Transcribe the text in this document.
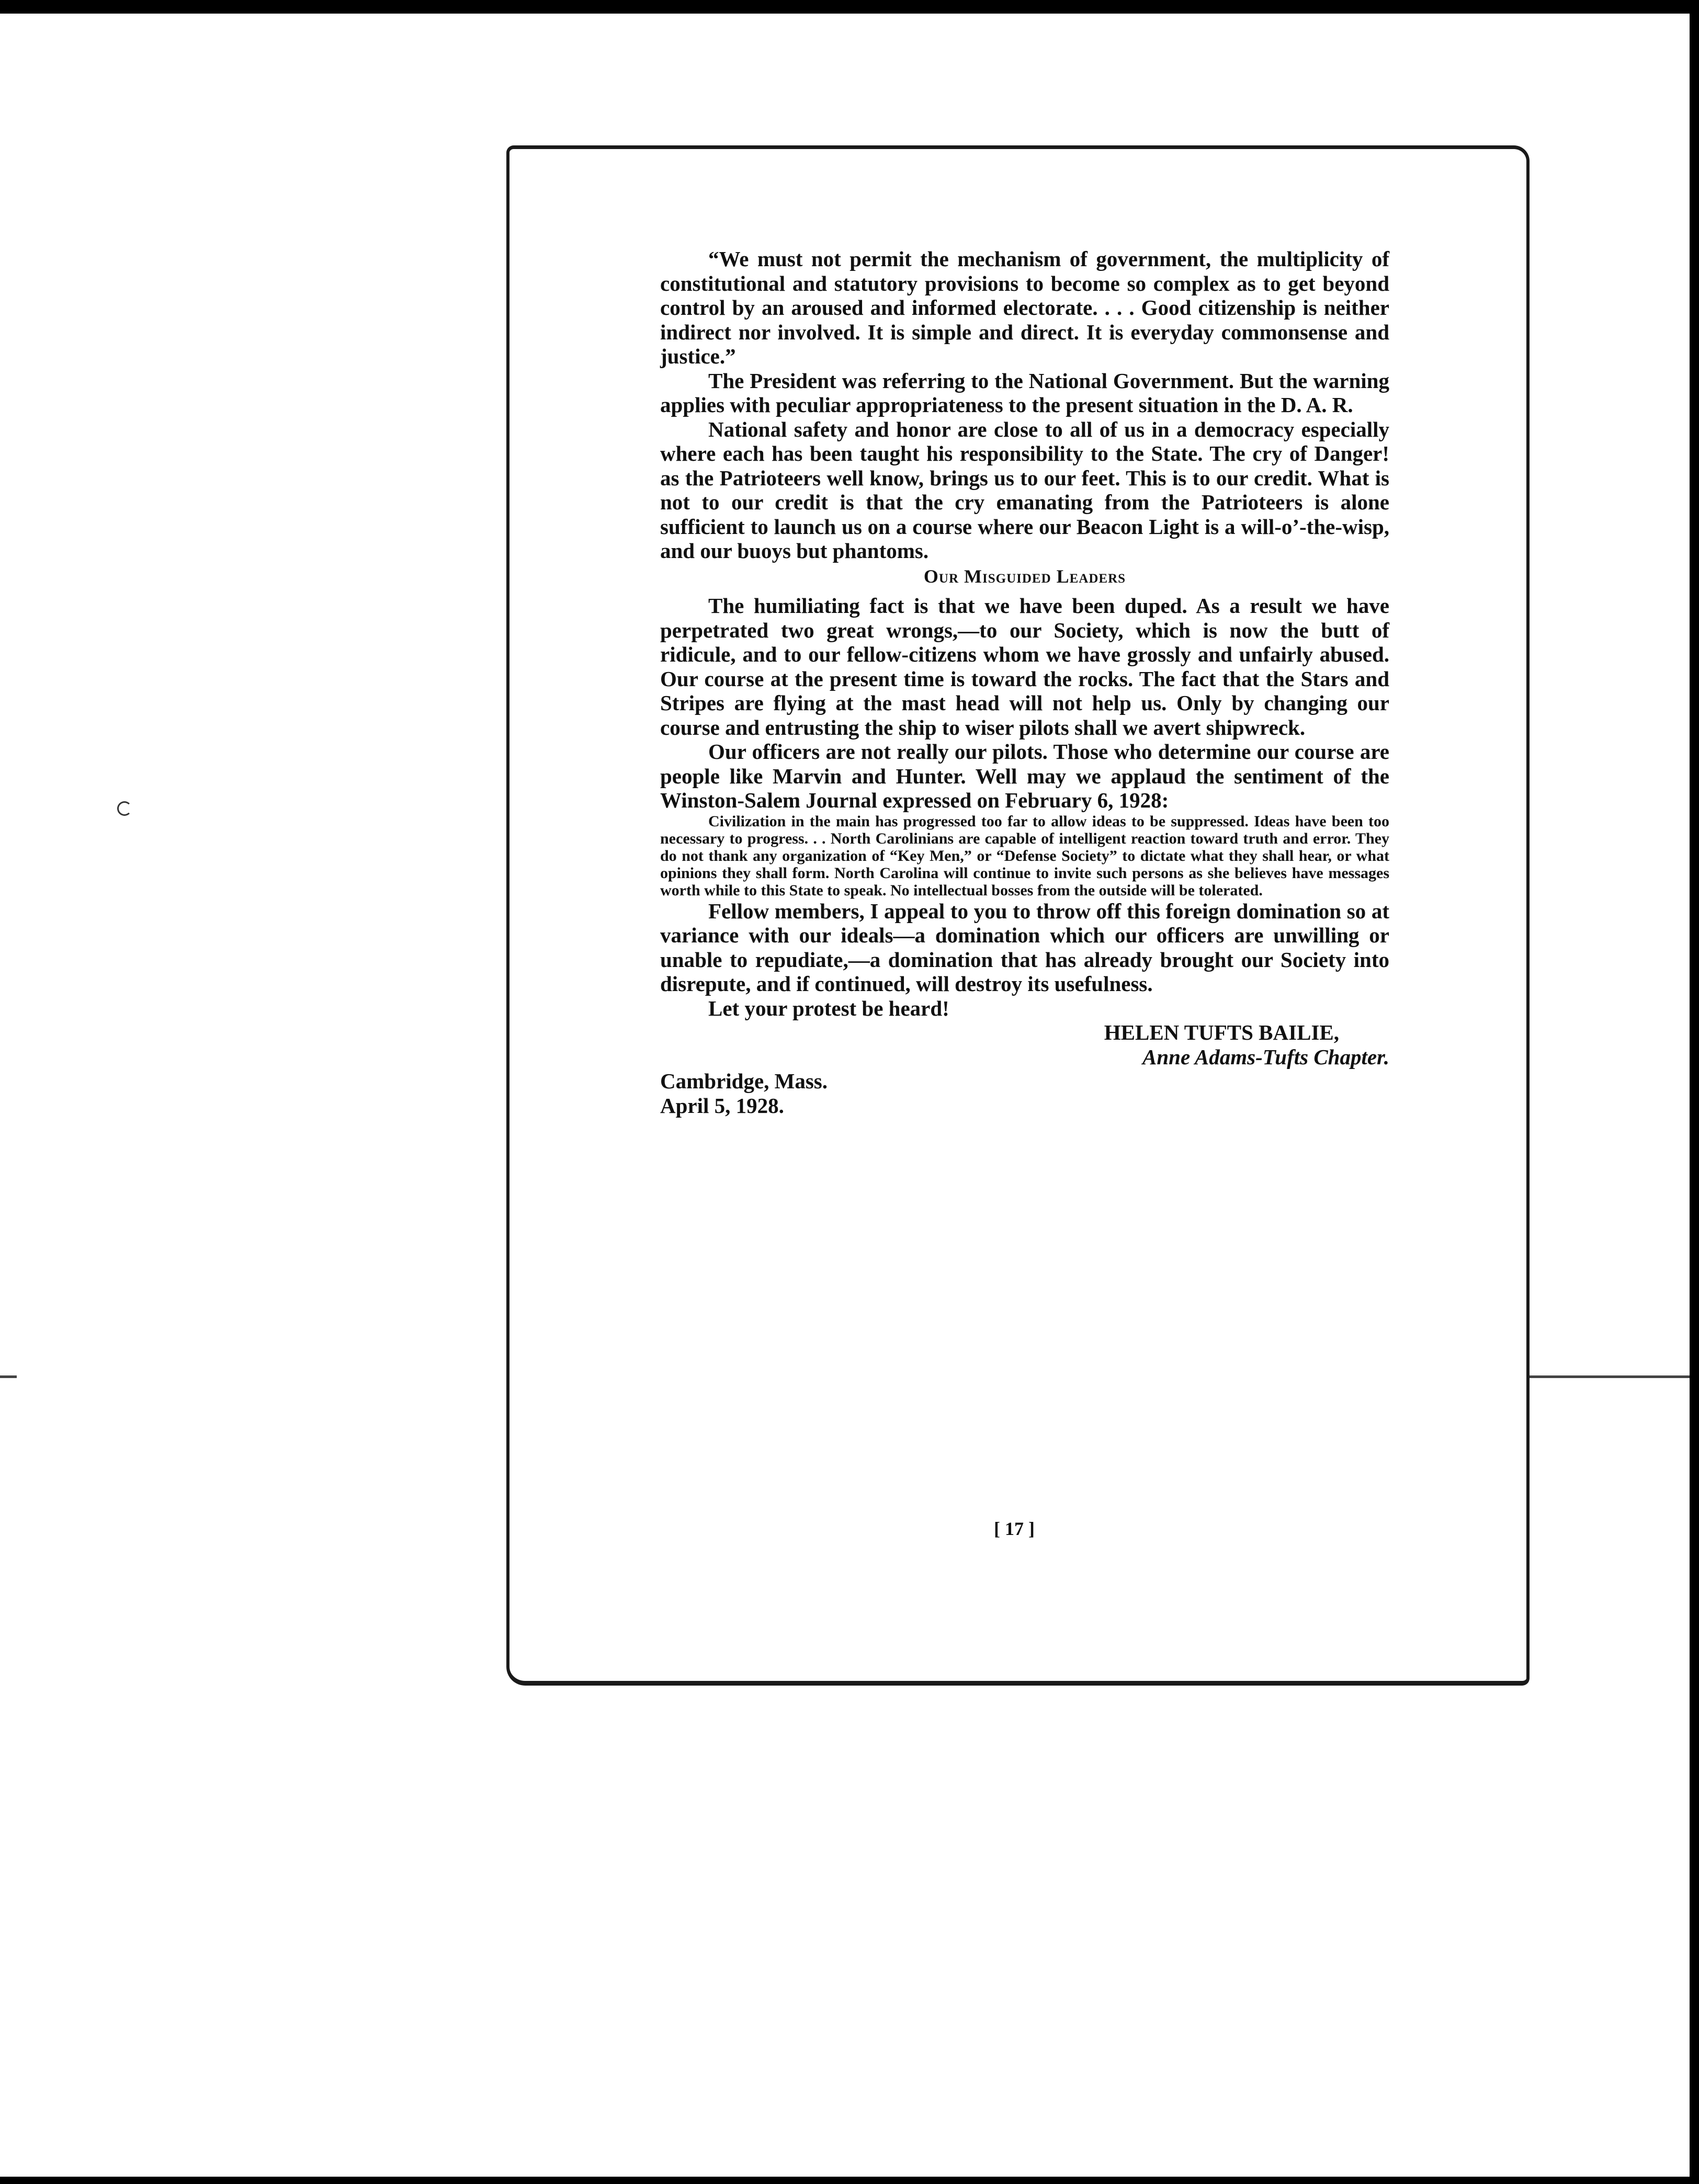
“We must not permit the mechanism of government, the multiplicity of constitutional and statutory provisions to become so complex as to get beyond control by an aroused and informed electorate. . . . Good citizenship is neither indirect nor involved. It is simple and direct. It is everyday commonsense and justice.”

The President was referring to the National Government. But the warning applies with peculiar appropriateness to the present situation in the D. A. R.

National safety and honor are close to all of us in a democracy especially where each has been taught his responsibility to the State. The cry of Danger! as the Patrioteers well know, brings us to our feet. This is to our credit. What is not to our credit is that the cry emanating from the Patrioteers is alone sufficient to launch us on a course where our Beacon Light is a will-o’-the-wisp, and our buoys but phantoms.

Our Misguided Leaders

The humiliating fact is that we have been duped. As a result we have perpetrated two great wrongs,—to our Society, which is now the butt of ridicule, and to our fellow-citizens whom we have grossly and unfairly abused. Our course at the present time is toward the rocks. The fact that the Stars and Stripes are flying at the mast head will not help us. Only by changing our course and entrusting the ship to wiser pilots shall we avert shipwreck.

Our officers are not really our pilots. Those who determine our course are people like Marvin and Hunter. Well may we applaud the sentiment of the Winston-Salem Journal expressed on February 6, 1928:

Civilization in the main has progressed too far to allow ideas to be suppressed. Ideas have been too necessary to progress. . . North Carolinians are capable of intelligent reaction toward truth and error. They do not thank any organization of “Key Men,” or “Defense Society” to dictate what they shall hear, or what opinions they shall form. North Carolina will continue to invite such persons as she believes have messages worth while to this State to speak. No intellectual bosses from the outside will be tolerated.

Fellow members, I appeal to you to throw off this foreign domination so at variance with our ideals—a domination which our officers are unwilling or unable to repudiate,—a domination that has already brought our Society into disrepute, and if continued, will destroy its usefulness.

Let your protest be heard!

HELEN TUFTS BAILIE,

Anne Adams-Tufts Chapter.

Cambridge, Mass.

April 5, 1928.

[ 17 ]
